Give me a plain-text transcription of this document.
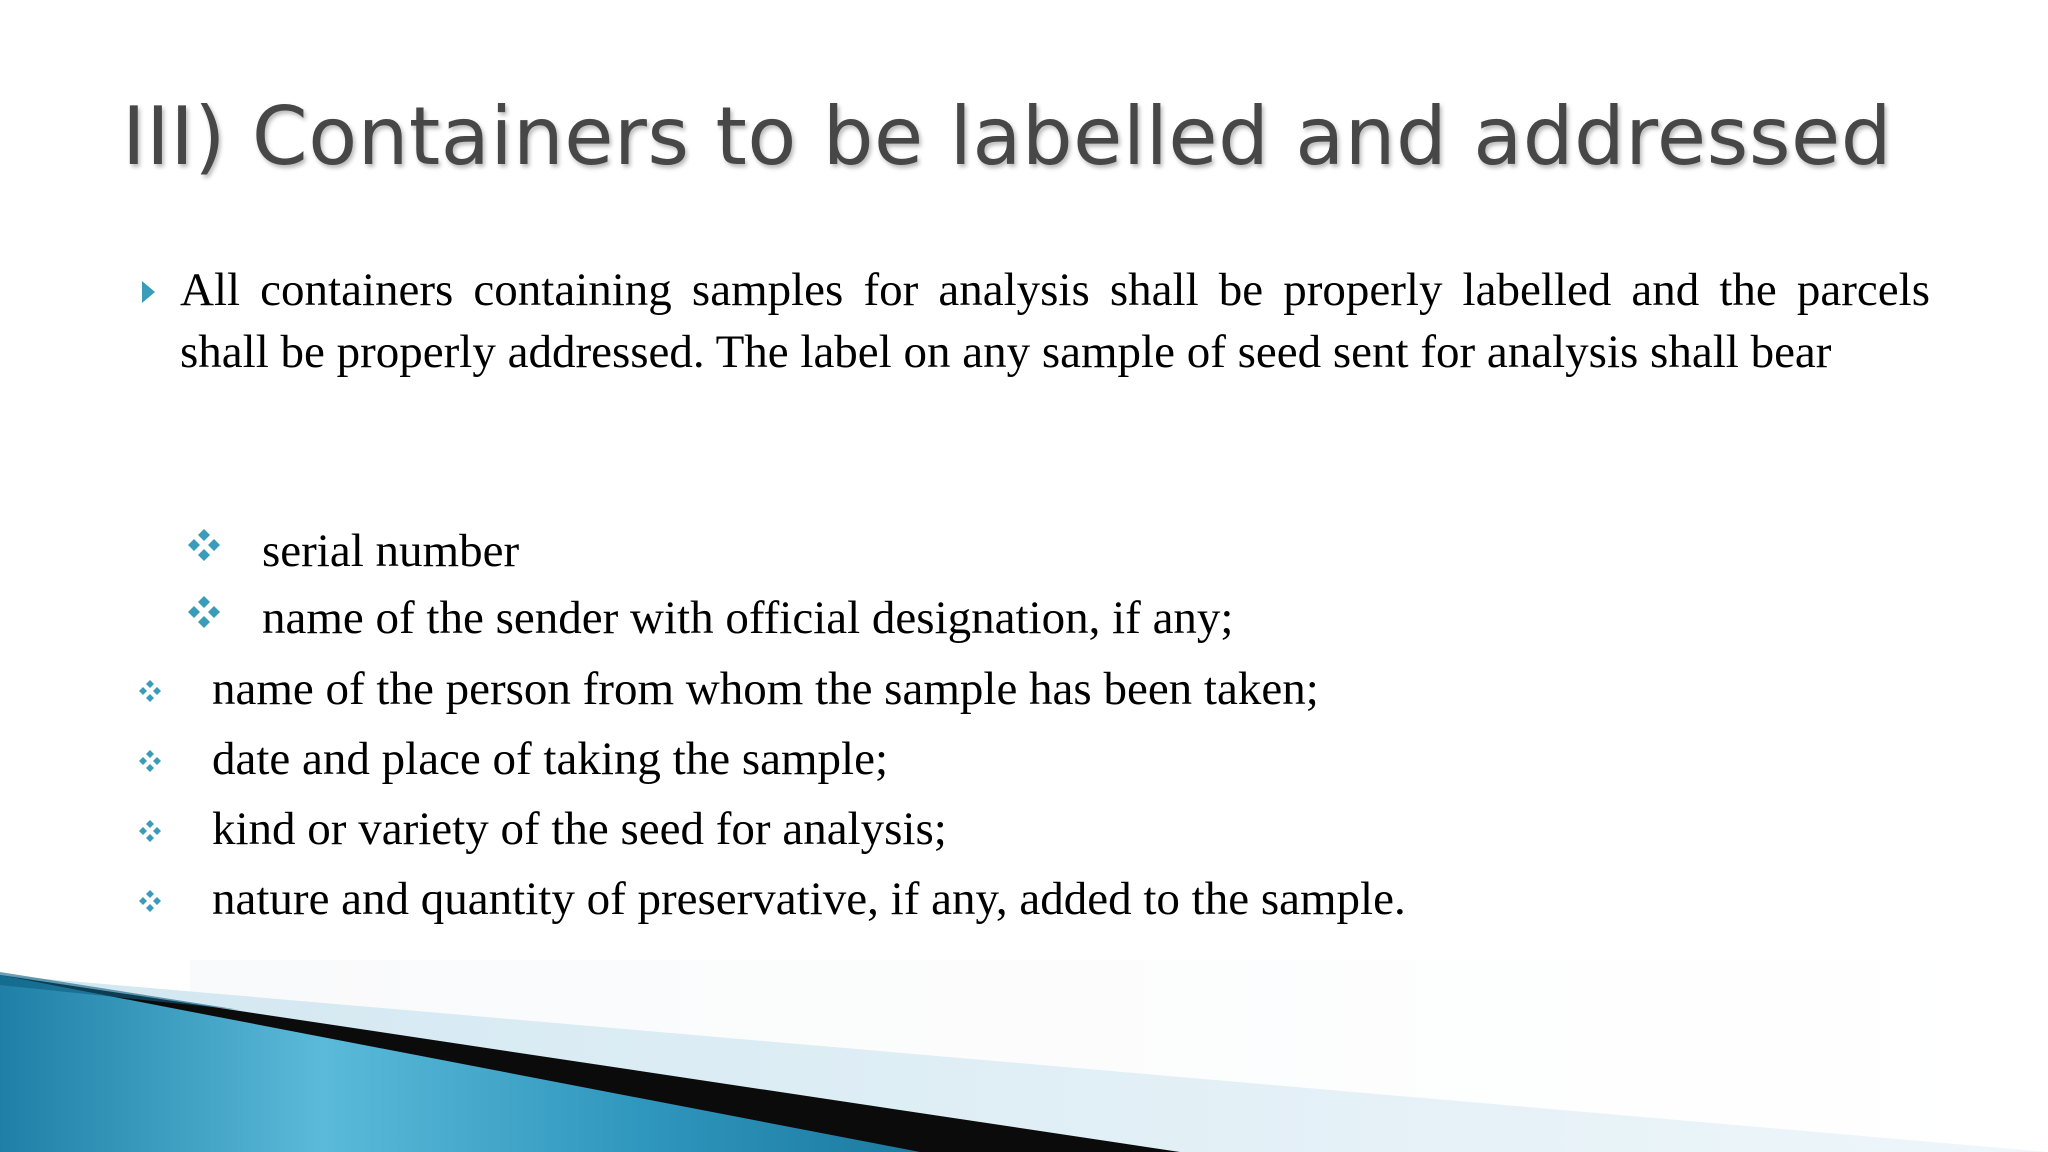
III) Containers to be labelled and addressed
All containers containing samples for analysis shall be properly labelled and the parcels shall be properly addressed. The label on any sample of seed sent for analysis shall bear
serial number
name of the sender with official designation, if any;
name of the person from whom the sample has been taken;
date and place of taking the sample;
kind or variety of the seed for analysis;
nature and quantity of preservative, if any, added to the sample.
